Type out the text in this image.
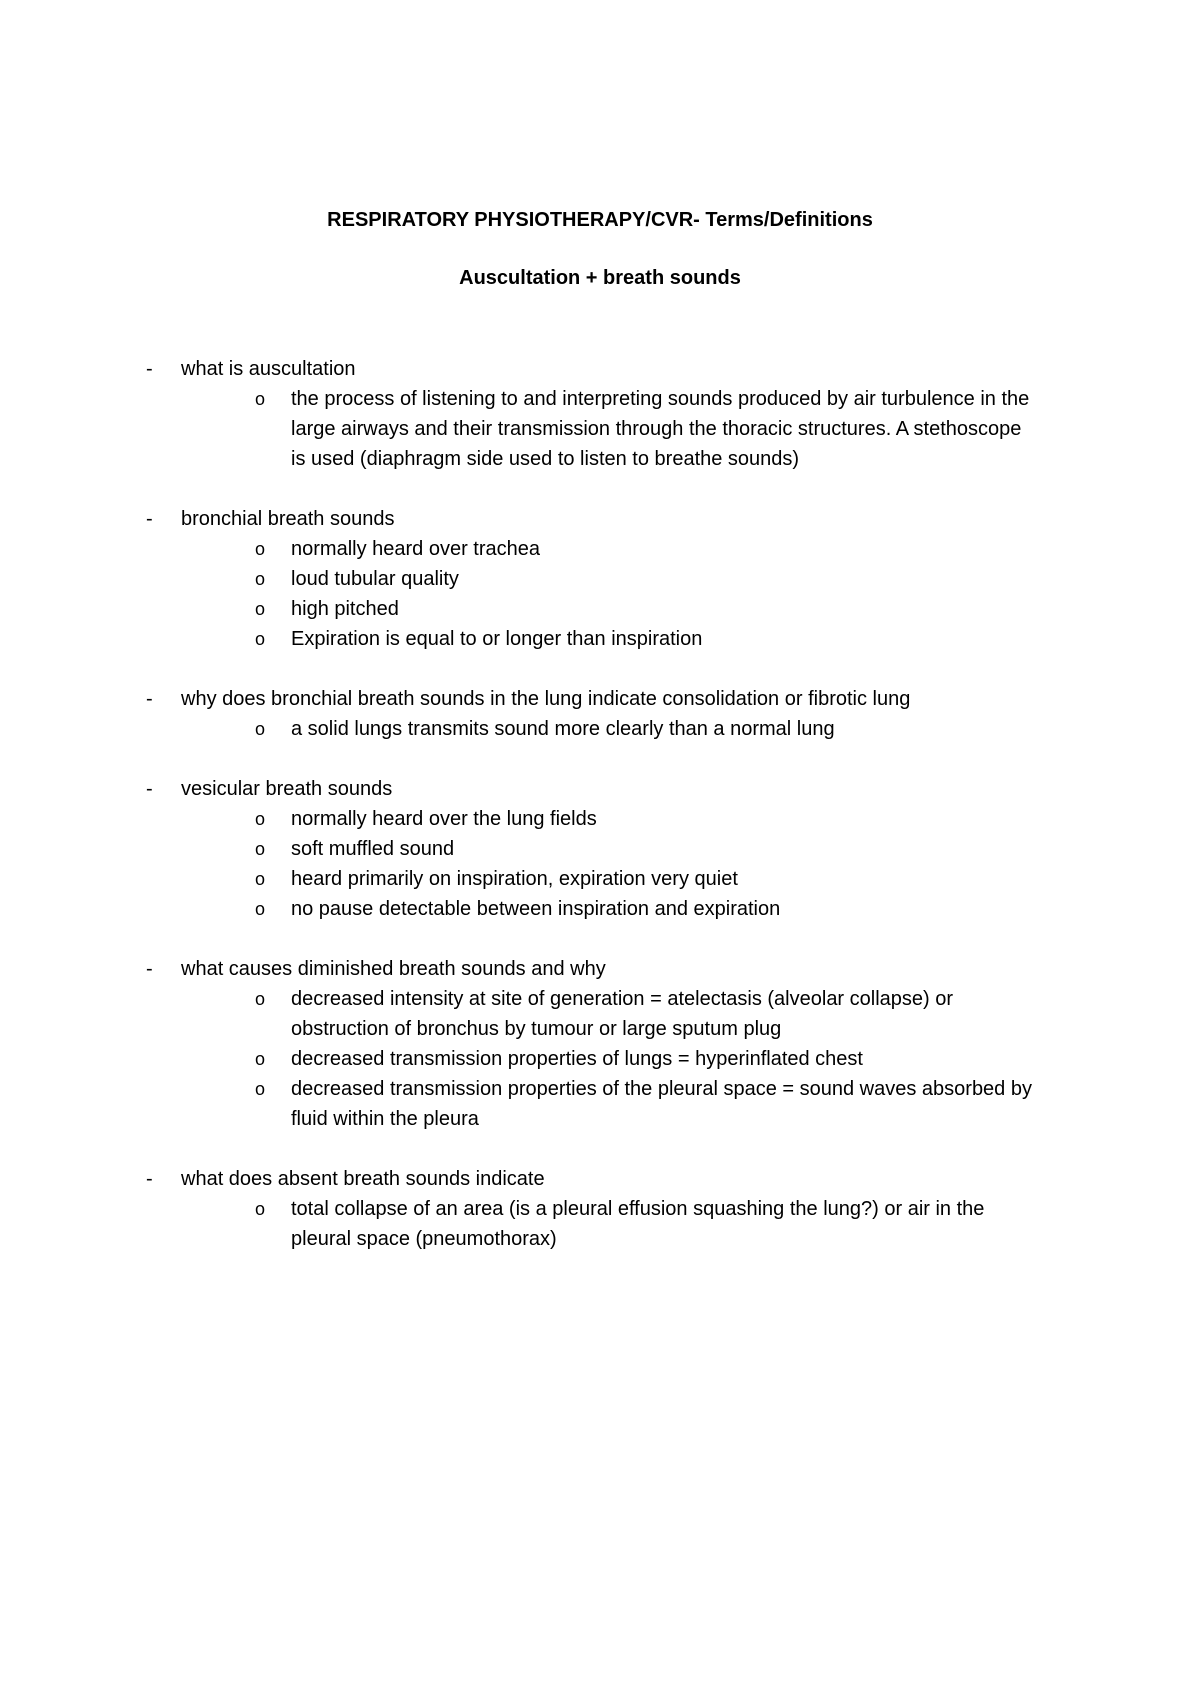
RESPIRATORY PHYSIOTHERAPY/CVR- Terms/Definitions
Auscultation + breath sounds
- what is auscultation
o the process of listening to and interpreting sounds produced by air turbulence in the large airways and their transmission through the thoracic structures. A stethoscope is used (diaphragm side used to listen to breathe sounds)
- bronchial breath sounds
o normally heard over trachea
o loud tubular quality
o high pitched
o Expiration is equal to or longer than inspiration
- why does bronchial breath sounds in the lung indicate consolidation or fibrotic lung
o a solid lungs transmits sound more clearly than a normal lung
- vesicular breath sounds
o normally heard over the lung fields
o soft muffled sound
o heard primarily on inspiration, expiration very quiet
o no pause detectable between inspiration and expiration
- what causes diminished breath sounds and why
o decreased intensity at site of generation = atelectasis (alveolar collapse) or obstruction of bronchus by tumour or large sputum plug
o decreased transmission properties of lungs = hyperinflated chest
o decreased transmission properties of the pleural space = sound waves absorbed by fluid within the pleura
- what does absent breath sounds indicate
o total collapse of an area (is a pleural effusion squashing the lung?) or air in the pleural space (pneumothorax)
